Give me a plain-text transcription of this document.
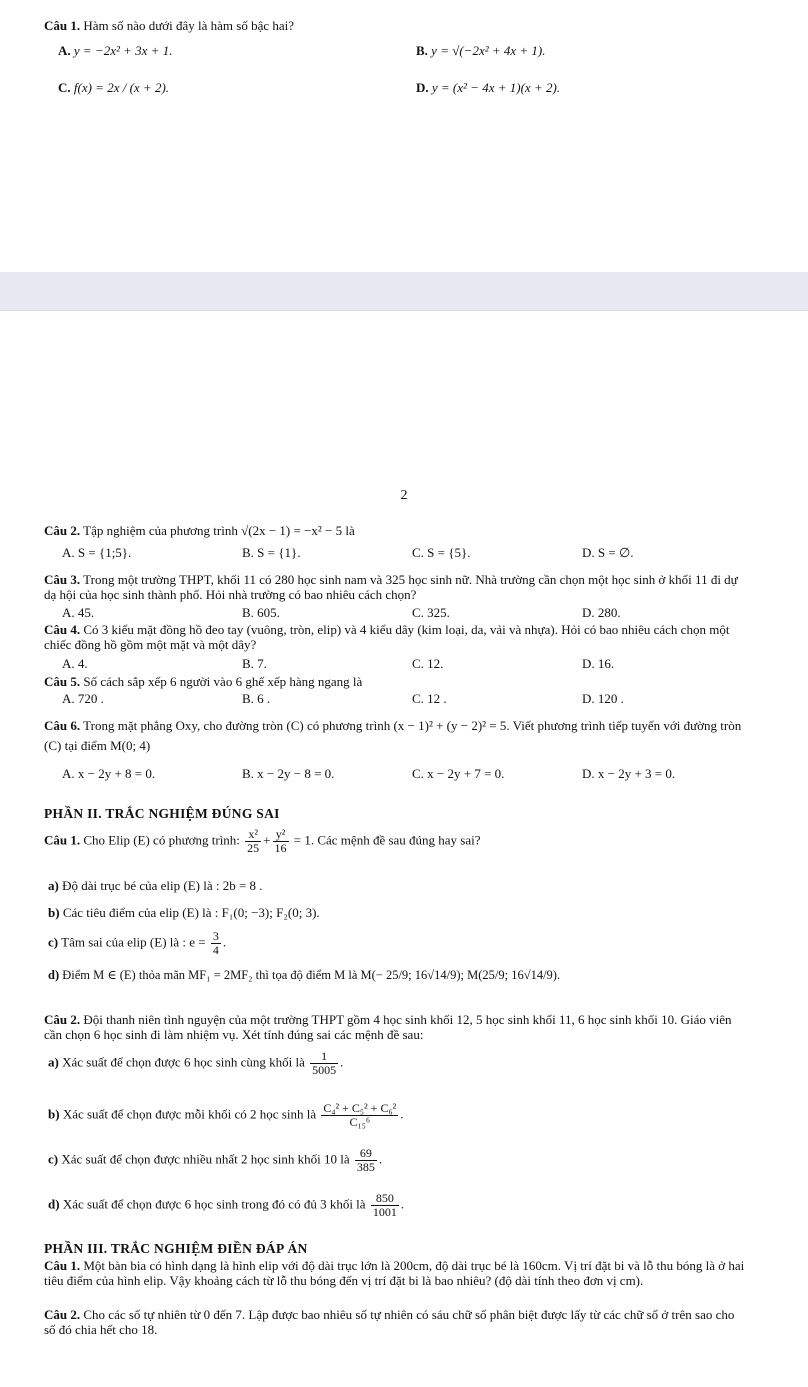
Câu 1. Hàm số nào dưới đây là hàm số bậc hai?
A. y = −2x² + 3x + 1.	B. y = √(−2x² + 4x + 1).
C. f(x) = 2x / (x + 2).	D. y = (x² − 4x + 1)(x + 2).
2
Câu 2. Tập nghiệm của phương trình √(2x − 1) = −x² − 5 là
A. S = {1;5}.	B. S = {1}.	C. S = {5}.	D. S = ∅.
Câu 3. Trong một trường THPT, khối 11 có 280 học sinh nam và 325 học sinh nữ. Nhà trường cần chọn một học sinh ở khối 11 đi dự dạ hội của học sinh thành phố. Hỏi nhà trường có bao nhiêu cách chọn?
A. 45.	B. 605.	C. 325.	D. 280.
Câu 4. Có 3 kiểu mặt đồng hồ đeo tay (vuông, tròn, elip) và 4 kiểu dây (kim loại, da, vải và nhựa). Hỏi có bao nhiêu cách chọn một chiếc đồng hồ gồm một mặt và một dây?
A. 4.	B. 7.	C. 12.	D. 16.
Câu 5. Số cách sắp xếp 6 người vào 6 ghế xếp hàng ngang là
A. 720 .	B. 6 .	C. 12 .	D. 120 .
Câu 6. Trong mặt phẳng Oxy, cho đường tròn (C) có phương trình (x − 1)² + (y − 2)² = 5. Viết phương trình tiếp tuyến với đường tròn (C) tại điểm M(0; 4)
A. x − 2y + 8 = 0.	B. x − 2y − 8 = 0.	C. x − 2y + 7 = 0.	D. x − 2y + 3 = 0.
PHẦN II. TRẮC NGHIỆM ĐÚNG SAI
Câu 1. Cho Elip (E) có phương trình: $\frac{\text{x²}}{25} + \frac{\text{y²}}{16} = 1$. Các mệnh đề sau đúng hay sai?
a) Độ dài trục bé của elip (E) là : 2b = 8 .
b) Các tiêu điểm của elip (E) là : F₁(0; −3); F₂(0; 3).
c) Tâm sai của elip (E) là : $e = \frac{3}{4}$ .
d) Điểm M ∈ (E) thỏa mãn MF₁ = 2MF₂ thì tọa độ điểm M là M(− 25/9; 16√14/9); M(25/9; 16√14/9).
Câu 2. Đội thanh niên tình nguyện của một trường THPT gồm 4 học sinh khối 12, 5 học sinh khối 11, 6 học sinh khối 10. Giáo viên cần chọn 6 học sinh đi làm nhiệm vụ. Xét tính đúng sai các mệnh đề sau:
a) Xác suất để chọn được 6 học sinh cùng khối là $\frac{1}{5005}$ .
b) Xác suất để chọn được mỗi khối có 2 học sinh là $\frac{\text{C₄² + C₅² + C₆²}}{\text{C₁₅⁶}}$ .
c) Xác suất để chọn được nhiều nhất 2 học sinh khối 10 là $\frac{69}{385}$ .
d) Xác suất để chọn được 6 học sinh trong đó có đủ 3 khối là $\frac{850}{1001}$ .
PHẦN III. TRẮC NGHIỆM ĐIỀN ĐÁP ÁN
Câu 1. Một bàn bia có hình dạng là hình elip với độ dài trục lớn là 200cm, độ dài trục bé là 160cm. Vị trí đặt bi và lỗ thu bóng là ở hai tiêu điểm của hình elip. Vậy khoảng cách từ lỗ thu bóng đến vị trí đặt bi là bao nhiêu? (độ dài tính theo đơn vị cm).
Câu 2. Cho các số tự nhiên từ 0 đến 7. Lập được bao nhiêu số tự nhiên có sáu chữ số phân biệt được lấy từ các chữ số ở trên sao cho số đó chia hết cho 18.
